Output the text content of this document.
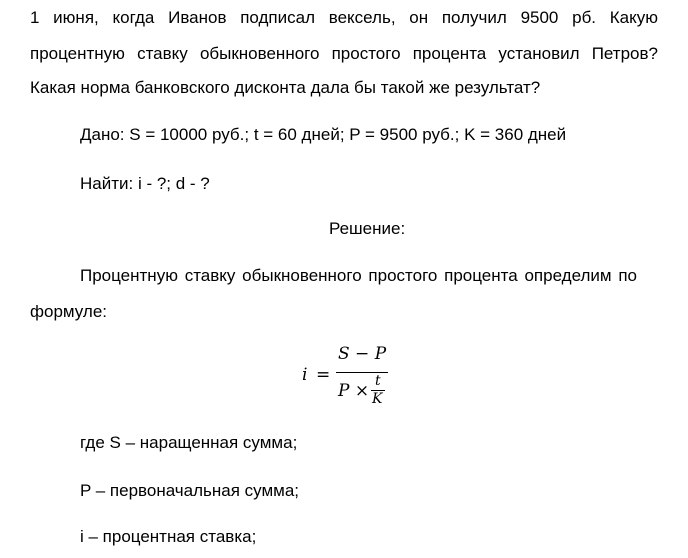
1 июня, когда Иванов подписал вексель, он получил 9500 рб. Какую
процентную ставку обыкновенного простого процента установил Петров?
Какая норма банковского дисконта дала бы такой же результат?
Дано: S = 10000 руб.; t = 60 дней; P = 9500 руб.; K = 360 дней
Найти: i - ?; d - ?
Решение:
Процентную ставку обыкновенного простого процента определим по
формуле:
i =
S − P
P × t
K
где S – наращенная сумма;
P – первоначальная сумма;
i – процентная ставка;
